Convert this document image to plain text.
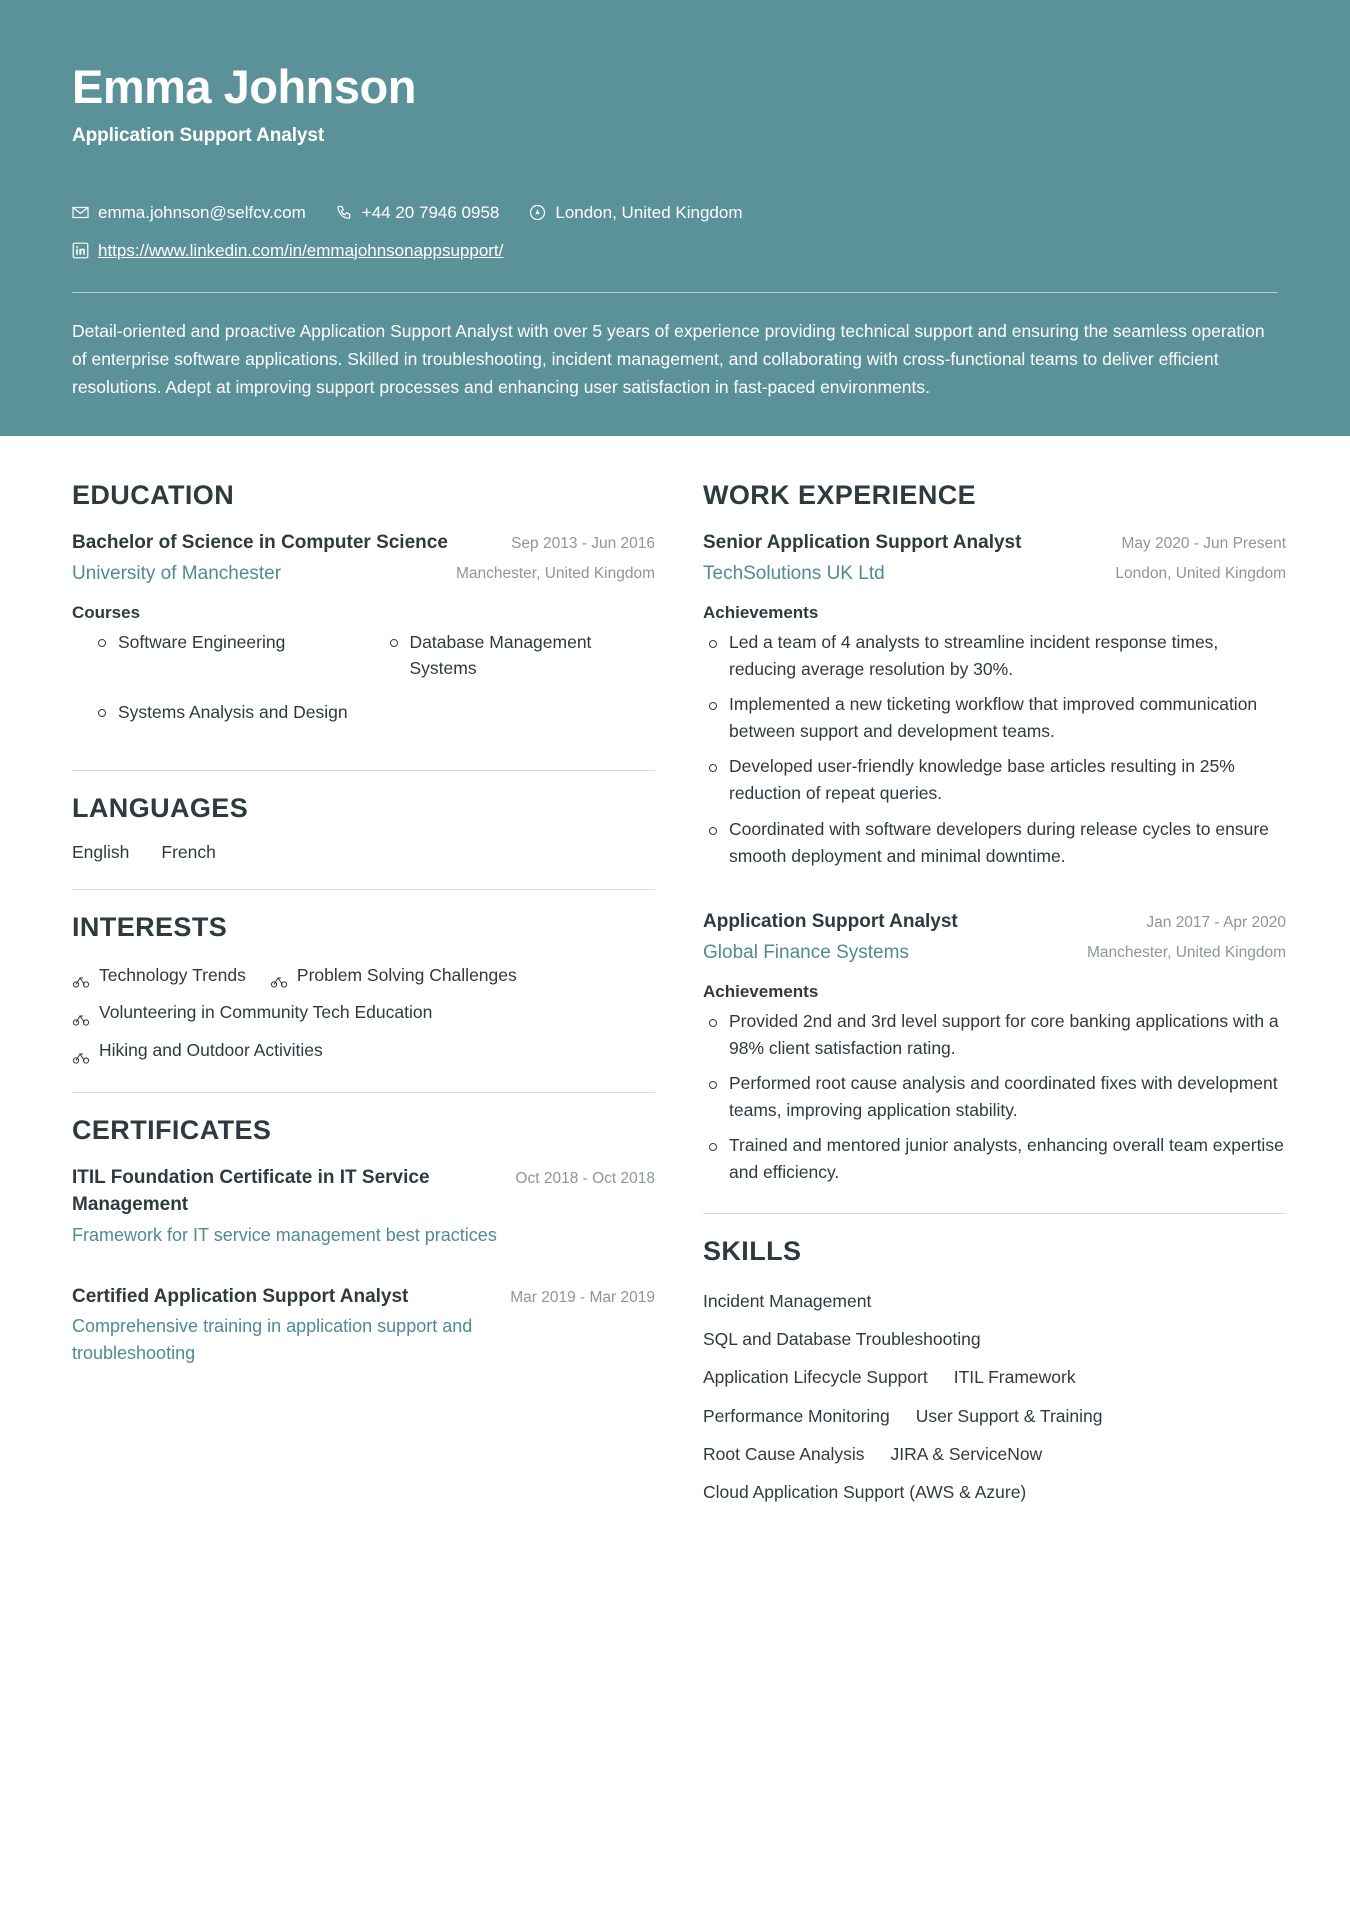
Emma Johnson
Application Support Analyst
emma.johnson@selfcv.com	+44 20 7946 0958	London, United Kingdom
https://www.linkedin.com/in/emmajohnsonappsupport/
Detail-oriented and proactive Application Support Analyst with over 5 years of experience providing technical support and ensuring the seamless operation of enterprise software applications. Skilled in troubleshooting, incident management, and collaborating with cross-functional teams to deliver efficient resolutions. Adept at improving support processes and enhancing user satisfaction in fast-paced environments.
EDUCATION
Bachelor of Science in Computer Science	Sep 2013 - Jun 2016
University of Manchester	Manchester, United Kingdom
Courses
Software Engineering	Database Management Systems
Systems Analysis and Design
LANGUAGES
English French
INTERESTS
Technology Trends	Problem Solving Challenges
Volunteering in Community Tech Education
Hiking and Outdoor Activities
CERTIFICATES
ITIL Foundation Certificate in IT Service Management
Oct 2018 - Oct 2018
Framework for IT service management best practices
Certified Application Support Analyst	Mar 2019 - Mar 2019
Comprehensive training in application support and troubleshooting
WORK EXPERIENCE
Senior Application Support Analyst	May 2020 - Jun Present
TechSolutions UK Ltd	London, United Kingdom
Achievements
Led a team of 4 analysts to streamline incident response times, reducing average resolution by 30%.
Implemented a new ticketing workflow that improved communication between support and development teams.
Developed user-friendly knowledge base articles resulting in 25% reduction of repeat queries.
Coordinated with software developers during release cycles to ensure smooth deployment and minimal downtime.
Application Support Analyst	Jan 2017 - Apr 2020
Global Finance Systems	Manchester, United Kingdom
Achievements
Provided 2nd and 3rd level support for core banking applications with a 98% client satisfaction rating.
Performed root cause analysis and coordinated fixes with development teams, improving application stability.
Trained and mentored junior analysts, enhancing overall team expertise and efficiency.
SKILLS
Incident Management
SQL and Database Troubleshooting
Application Lifecycle Support ITIL Framework
Performance Monitoring User Support & Training
Root Cause Analysis JIRA & ServiceNow
Cloud Application Support (AWS & Azure)
